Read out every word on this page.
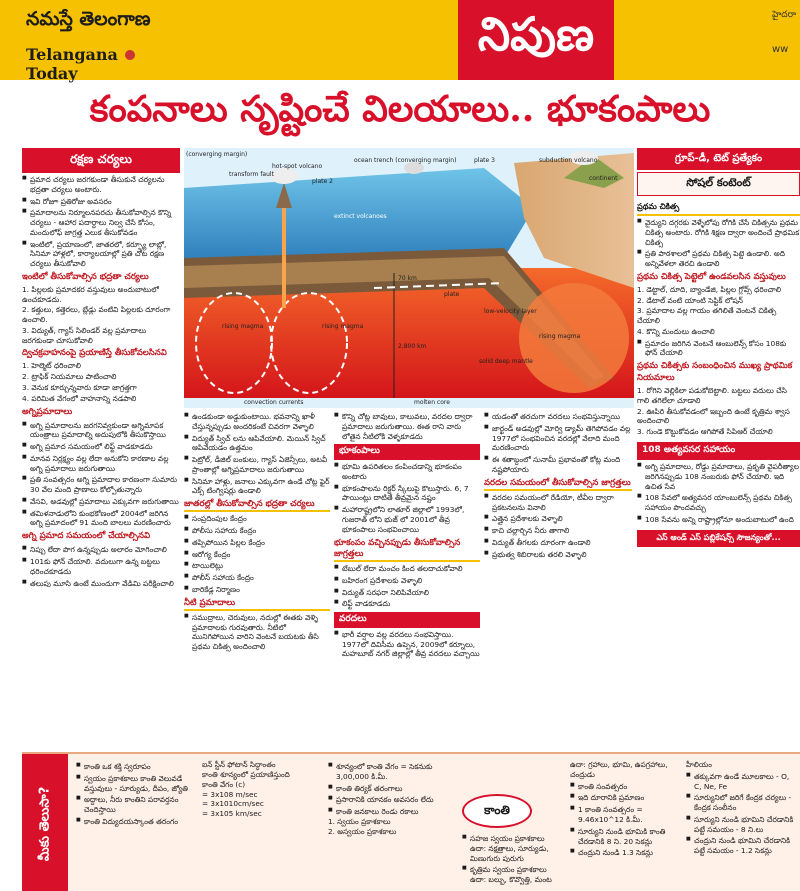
నమస్తే తెలంగాణ
Telangana  Today
నిపుణ	హైదరా
ww
కంపనాలు సృష్టించే విలయాలు.. భూకంపాలు
రక్షణ చర్యలు
■ ప్రమాద చర్యలు జరగకుండా తీసుకునే చర్యలను భద్రతా చర్యలు అంటారు.
■ ఇవి రోజూ ప్రతిరోజు అవసరం
■ ప్రమాదాలను నిర్మూలనపరచు తీసుకోవాల్సిన కొన్ని చర్యలు - ఆహార పదార్థాలు నిల్వ చేసే కోసం, మందులోఫ్ జాగ్రత్త ఎలుక తీసుకోవడం
■ ఇంటిలో, ప్రయాణంలో, జాతరలో, కర్ఫ్యూ లాబ్లో, సినిమా హాళ్లలో, కార్యాలయాల్లో ప్రతి చోట రక్షణ చర్యలు తీసుకోవాలి
ఇంటిలో తీసుకోవాల్సిన భద్రతా చర్యలు
1. పిల్లలకు ప్రమాదకర వస్తువులు అందుబాటులో ఉంచకూడదు.
2. కత్తులు, కత్తెరలు, బ్లేడ్లు వంటివి పిల్లలకు దూరంగా ఉంచాలి.
3. విద్యుత్, గ్యాస్ సిలిండర్ వల్ల ప్రమాదాలు జరగకుండా చూసుకోవాలి
ద్విచక్రవాహనంపై ప్రయాణిస్తే తీసుకోవలసినవి
1. హెల్మెట్ ధరించాలి
2. ట్రాఫిక్ నియమాలు పాటించాలి
3. వెనుక కూర్చున్నవారు కూడా జాగ్రత్తగా
4. పరిమిత వేగంలో వాహనాన్ని నడపాలి
అగ్నిప్రమాదాలు
■ అగ్ని ప్రమాదాలను జరగనివ్వకుండా అగ్నిమాపక యంత్రాలు ప్రమాదాల్ని అదుపులోకి తీసుకొస్తాయి
■ అగ్ని ప్రమాద సమయంలో లిఫ్ట్ వాడకూడదు
■ మానవ నిర్లక్ష్యం వల్ల లేదా అనుకోని కారణాల వల్ల అగ్ని ప్రమాదాలు జరుగుతాయి
■ ప్రతి సంవత్సరం అగ్ని ప్రమాదాల కారణంగా సుమారు 30 వేల మంది ప్రాణాలు కోల్పోతున్నారు
■ వేసవి, అడవుల్లో ప్రమాదాలు ఎక్కువగా జరుగుతాయి
■ తమిళనాడులోని కుంభకోణంలో 2004లో జరిగిన అగ్ని ప్రమాదంలో 91 మంది బాలలు మరణించారు
అగ్ని ప్రమాద సమయంలో చేయాల్సినవి
■ నిప్పు లేదా పొగ ఉన్నప్పుడు అలారం మోగించాలి
■ 101కు ఫోన్ చేయాలి. వదులుగా ఉన్న బట్టలు ధరించకూడదు
■ తలుపు మూసి ఉంటే ముందుగా వేడిమి పరీక్షించాలి
(converging margin)
transform fault
hot-spot volcano
plate 2
ocean trench (converging margin)	plate 3	subduction volcano
continent
extinct volcanoes
rising magma	rising magma
rising magma
70 km
2,800 km
plate
low-velocity layer
solid deep mantle
convection currents	molten core
■ ఉండకుండా అడ్డుకుంటాయి. భవనాన్ని ఖాళీ చేస్తున్నప్పుడు అందరికంటే చివరగా వెళ్ళాలి
■ విద్యుత్ స్విచ్ లను ఆపివేయాలి. మెయిన్ స్విచ్ ఆపివేయడం ఉత్తమం
■ పెట్రోల్, డీజిల్ బంకులు, గ్యాస్ ఏజెన్సీలు, అటవీ ప్రాంతాల్లో అగ్నిప్రమాదాలు జరుగుతాయి
■ సినిమా హాళ్లు, జనాలు ఎక్కువగా ఉండే చోట్ల ఫైర్ ఎక్స్ టింగ్విషర్లు ఉండాలి
జాతరల్లో తీసుకోవాల్సిన భద్రతా చర్యలు
■ సంప్రదింపుల కేంద్రం
■ పోలీసు సహాయ కేంద్రం
■ తప్పిపోయిన పిల్లల కేంద్రం
■ ఆరోగ్య కేంద్రం
■ టాయిలెట్లు
■ పోలీస్ సహాయ కేంద్రం
■ బారికేడ్ల నిర్మాణం
నీటి ప్రమాదాలు
■ సముద్రాలు, చెరువులు, నదుల్లో ఈతకు వెళ్ళి ప్రమాదాలకు గురవుతారు. నీటిలో మునిగిపోయిన వారిని వెంటనే బయటకు తీసి ప్రథమ చికిత్స అందించాలి
■ కొన్ని చోట్ల బావులు, కాలువలు, వరదల ద్వారా ప్రమాదాలు జరుగుతాయి. ఈత రాని వారు లోతైన నీటిలోకి వెళ్ళకూడదు
భూకంపాలు
■ భూమి ఉపరితలం కంపించడాన్ని భూకంపం అంటారు
■ భూకంపాలను రిక్టర్ స్కేలుపై కొలుస్తారు. 6, 7 పాయింట్లు దాటితే తీవ్రమైన నష్టం
■ మహారాష్ట్రలోని లాతూర్ జిల్లాలో 1993లో, గుజరాత్ లోని భుజ్ లో 2001లో తీవ్ర భూకంపాలు సంభవించాయి
భూకంపం వచ్చినప్పుడు తీసుకోవాల్సిన జాగ్రత్తలు
■ టేబుల్ లేదా మంచం కింద తలదాచుకోవాలి
■ బహిరంగ ప్రదేశాలకు వెళ్ళాలి
■ విద్యుత్ సరఫరా నిలిపివేయాలి
■ లిఫ్ట్ వాడకూడదు
వరదలు
■ భారీ వర్షాల వల్ల వరదలు సంభవిస్తాయి. 1977లో దివిసీమ ఉప్పెన, 2009లో కర్నూలు, మహబూబ్ నగర్ జిల్లాల్లో తీవ్ర వరదలు వచ్చాయి
■ యడంతో తరచుగా వరదలు సంభవిస్తున్నాయి
■ జార్ఖండ్ అడవుల్లో మోర్వి డ్యామ్ తెగిపోవడం వల్ల 1977లో సంభవించిన వరదల్లో వేలాది మంది మరణించారు
■ ఈ శతాబ్దంలో సునామీ ప్రభావంతో కోట్ల మంది నష్టపోయారు
వరదల సమయంలో తీసుకోవాల్సిన జాగ్రత్తలు
■ వరదల సమయంలో రేడియో, టీవీల ద్వారా ప్రకటనలను వినాలి
■ ఎత్తైన ప్రదేశాలకు వెళ్ళాలి
■ కాచి చల్లార్చిన నీరు తాగాలి
■ విద్యుత్ తీగలకు దూరంగా ఉండాలి
■ ప్రభుత్వ శిబిరాలకు తరలి వెళ్ళాలి
గ్రూప్-డీ, టెట్ ప్రత్యేకం
సోషల్ కంటెంట్
ప్రథమ చికిత్స
■ వైద్యుని దగ్గరకు వెళ్ళేలోపు రోగికి చేసే చికిత్సను ప్రథమ చికిత్స అంటారు. రోగికి శిక్షణ ద్వారా అందించే ప్రాథమిక చికిత్స
■ ప్రతి పాఠశాలలో ప్రథమ చికిత్స పెట్టె ఉండాలి. అది అన్నివేళలా తెరచి ఉండాలి
ప్రథమ చికిత్స పెట్టెలో ఉండవలసిన వస్తువులు
1. డెట్టాల్, దూది, బ్యాండేజి, పిల్లల గ్లోవ్స్ ధరించాలి
2. డేటాల్ వంటి యాంటి సెప్టిక్ లోషన్
3. ప్రమాదాల వల్ల గాయం తగిలితే వెంటనే చికిత్స చేయాలి
4. కొన్ని మందులు ఉంచాలి
■ ప్రమాదం జరిగిన వెంటనే ఆంబులెన్స్ కోసం 108కు ఫోన్ చేయాలి
ప్రథమ చికిత్సకు సంబంధించిన ముఖ్య ప్రాథమిక నియమాలు
1. రోగిని వెల్లికిలా పడుకోబెట్టాలి. బట్టలు వదులు చేసి గాలి తగిలేలా చూడాలి
2. ఊపిరి తీసుకోవడంలో ఇబ్బంది ఉంటే కృత్రిమ శ్వాస అందించాలి
3. గుండె కొట్టుకోవడం ఆగిపోతే సిపిఆర్ చేయాలి
108 అత్యవసర సహాయం
■ అగ్ని ప్రమాదాలు, రోడ్డు ప్రమాదాలు, ప్రకృతి వైపరీత్యాల జరిగినప్పుడు 108 నంబరుకు ఫోన్ చేయాలి. ఇది ఉచిత సేవ
■ 108 సేవలో అత్యవసర యాంబులెన్స్ ప్రథమ చికిత్స సహాయం పొందవచ్చు
■ 108 సేవను అన్ని రాష్ట్రాల్లోనూ అందుబాటులో ఉంది
ఎస్ అండ్ ఎస్ పబ్లికేషన్స్ సౌజన్యంతో...
మీకు తెలుసా?
■ కాంతి ఒక శక్తి స్వరూపం
■ స్వయం ప్రకాశకాలు కాంతి వెలువడే వస్తువులు - సూర్యుడు, దీపం, జ్యోతి
■ అద్దాలు, నీరు కాంతిని పరావర్తనం చెందిస్తాయి
■ కాంతి విద్యుదయస్కాంత తరంగం
ఐన్ స్టీన్ ఫోటాన్ సిద్ధాంతం
కాంతి శూన్యంలో ప్రయాణిస్తుంది
కాంతి వేగం (c)
= 3x108 m/sec
= 3x1010cm/sec
= 3x105 km/sec
■ శూన్యంలో కాంతి వేగం = సెకనుకు 3,00,000 కి.మీ.
■ కాంతి తిర్యక్ తరంగాలు
■ ప్రసారానికి యానకం అవసరం లేదు
■ కాంతి జనకాలు రెండు రకాలు
1. స్వయం ప్రకాశకాలు
2. అస్వయం ప్రకాశకాలు
కాంతి
■ సహజ స్వయం ప్రకాశకాలు ఉదా: నక్షత్రాలు, సూర్యుడు, మిణుగురు పురుగు
■ కృత్రిమ స్వయం ప్రకాశకాలు ఉదా: బల్బు, కొవ్వొత్తి, మంట
ఉదా: గ్రహాలు, భూమి, ఉపగ్రహాలు, చంద్రుడు
■ కాంతి సంవత్సరం
■ ఇది దూరానికి ప్రమాణం
■ 1 కాంతి సంవత్సరం = 9.46x10^12 కి.మీ.
■ సూర్యుని నుండి భూమికి కాంతి చేరడానికి 8 ని. 20 సెకన్లు
■ చంద్రుని నుండి 1.3 సెకన్లు
హీలియం
■ తక్కువగా ఉండే మూలకాలు - O, C, Ne, Fe
■ సూర్యునిలో జరిగే కేంద్రక చర్యలు - కేంద్రక సంలీనం
■ సూర్యుని నుండి భూమిని చేరడానికి పట్టే సమయం - 8 ని.లు
■ చంద్రుని నుండి భూమిని చేరడానికి పట్టే సమయం - 1.2 సెకన్లు
